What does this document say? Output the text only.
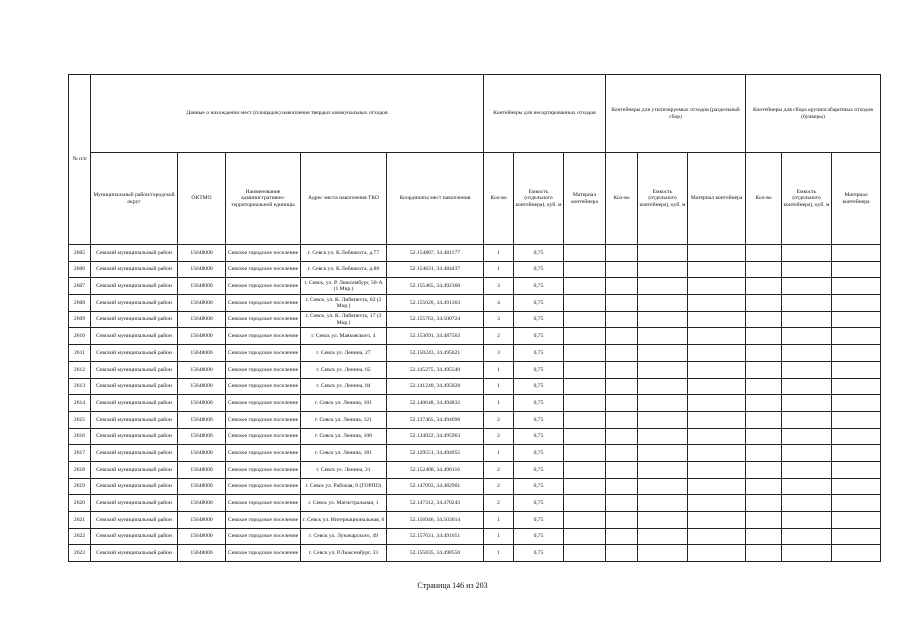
№ п/п	Данные о нахождении мест (площадок) накопления твердых коммунальных отходов					Контейнеры для несортированных отходов			Контейнеры для утилизируемых отходов (раздельный сбор)			Контейнеры для сбора крупногабаритных отходов (бункеры)		
	Муниципальный район/городской округ	ОКТМО	Наименование административно-территориальной единицы	Адрес места накопления ТКО	Координаты мест накопления	Кол-во	Емкость (отдельного контейнера), куб. м	Материал контейнера	Кол-во	Емкость (отдельного контейнера), куб. м	Материал контейнера	Кол-во	Емкость (отдельного контейнера), куб. м	Материал контейнера
2605	Севский муниципальный район	15648000	Севское городское поселение	г. Севск ул. К.Либкнехта, д.77	52.154807, 34.481177	1	0,75							
2606	Севский муниципальный район	15648000	Севское городское поселение	г. Севск ул. К.Либкнехта, д.88	52.154631, 34.484437	1	0,75							
2607	Севский муниципальный район	15648000	Севское городское поселение	г. Севск, ул. Р. Люксембург, 56-А (1 Мкр.)	52.155465, 34.492360	3	0,75							
2608	Севский муниципальный район	15648000	Севское городское поселение	г. Севск, ул. К. Либкнехта, 62 (2 Мкр.)	52.155620, 34.491363	4	0,75							
2609	Севский муниципальный район	15648000	Севское городское поселение	г. Севск, ул. К. Либкнехта, 17 (3 Мкр.)	52.155763, 34.500724	3	0,75							
2610	Севский муниципальный район	15648000	Севское городское поселение	г. Севск ул. Маяковского, 4	52.153691, 34.487563	2	0,75							
2611	Севский муниципальный район	15648000	Севское городское поселение	г. Севск ул. Ленина, 27	52.150243, 34.495621	3	0,75							
2612	Севский муниципальный район	15648000	Севское городское поселение	г. Севск ул. Ленина, 65	52.145275, 34.495540	1	0,75							
2613	Севский муниципальный район	15648000	Севское городское поселение	г. Севск ул. Ленина, 84	52.141240, 34.495828	1	0,75							
2614	Севский муниципальный район	15648000	Севское городское поселение	г. Севск ул. Ленина, 101	52.140648, 34.494832	1	0,75							
2615	Севский муниципальный район	15648000	Севское городское поселение	г. Севск ул. Ленина, 121	52.137465, 34.494696	2	0,75							
2616	Севский муниципальный район	15648000	Севское городское поселение	г. Севск ул. Ленина, 108	52.134922, 34.495963	2	0,75							
2617	Севский муниципальный район	15648000	Севское городское поселение	г. Севск ул. Ленина, 181	52.129551, 34.494955	1	0,75							
2618	Севский муниципальный район	15648000	Севское городское поселение	г. Севск ул. Ленина, 21	52.152408, 34.496116	2	0,75							
2619	Севский муниципальный район	15648000	Севское городское поселение	г. Севск ул. Рабочая, 9 (ГОРПО)	52.147093, 34.482901	2	0,75							
2620	Севский муниципальный район	15648000	Севское городское поселение	г. Севск ул. Магистральная, 1	52.147312, 34.478243	2	0,75							
2621	Севский муниципальный район	15648000	Севское городское поселение	г. Севск ул. Интернациональная, 6	52.156946, 34.503014	1	0,75							
2622	Севский муниципальный район	15648000	Севское городское поселение	г. Севск ул. Луначарского, 49	52.157631, 34.491651	1	0,75							
2623	Севский муниципальный район	15648000	Севское городское поселение	г. Севск ул. Р.Люксембург, 33	52.155835, 34.498550	1	0,75							
Страница 146 из 203
